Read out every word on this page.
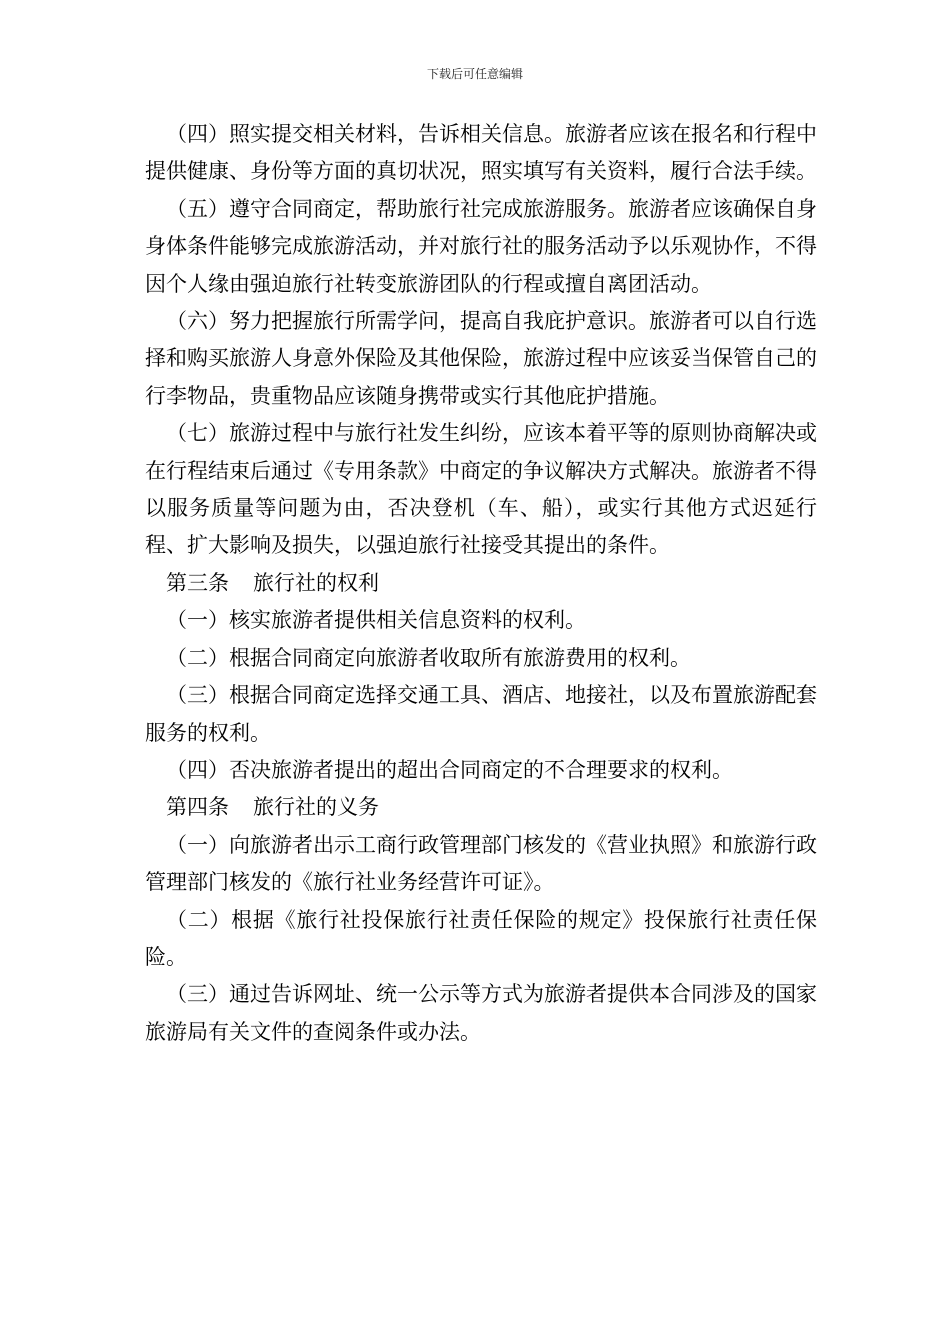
下载后可任意编辑

（四）照实提交相关材料，告诉相关信息。旅游者应该在报名和行程中提供健康、身份等方面的真切状况，照实填写有关资料，履行合法手续。

（五）遵守合同商定，帮助旅行社完成旅游服务。旅游者应该确保自身身体条件能够完成旅游活动，并对旅行社的服务活动予以乐观协作，不得因个人缘由强迫旅行社转变旅游团队的行程或擅自离团活动。

（六）努力把握旅行所需学问，提高自我庇护意识。旅游者可以自行选择和购买旅游人身意外保险及其他保险，旅游过程中应该妥当保管自己的行李物品，贵重物品应该随身携带或实行其他庇护措施。

（七）旅游过程中与旅行社发生纠纷，应该本着平等的原则协商解决或在行程结束后通过《专用条款》中商定的争议解决方式解决。旅游者不得以服务质量等问题为由，否决登机（车、船），或实行其他方式迟延行程、扩大影响及损失，以强迫旅行社接受其提出的条件。

第三条 旅行社的权利

（一）核实旅游者提供相关信息资料的权利。

（二）根据合同商定向旅游者收取所有旅游费用的权利。

（三）根据合同商定选择交通工具、酒店、地接社，以及布置旅游配套服务的权利。

（四）否决旅游者提出的超出合同商定的不合理要求的权利。

第四条 旅行社的义务

（一）向旅游者出示工商行政管理部门核发的《营业执照》和旅游行政管理部门核发的《旅行社业务经营许可证》。

（二）根据《旅行社投保旅行社责任保险的规定》投保旅行社责任保险。

（三）通过告诉网址、统一公示等方式为旅游者提供本合同涉及的国家旅游局有关文件的查阅条件或办法。
